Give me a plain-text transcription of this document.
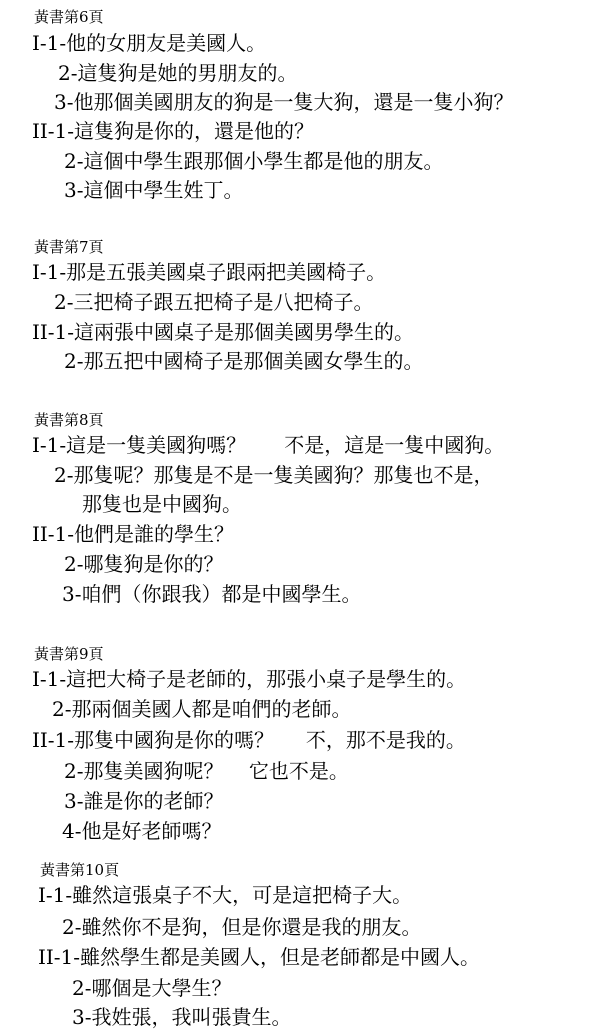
黃書第6頁
I-1-他的女朋友是美國人。
2-這隻狗是她的男朋友的。
3-他那個美國朋友的狗是一隻大狗，還是一隻小狗？
II-1-這隻狗是你的，還是他的？
2-這個中學生跟那個小學生都是他的朋友。
3-這個中學生姓丁。
黃書第7頁
I-1-那是五張美國桌子跟兩把美國椅子。
2-三把椅子跟五把椅子是八把椅子。
II-1-這兩張中國桌子是那個美國男學生的。
2-那五把中國椅子是那個美國女學生的。
黃書第8頁
I-1-這是一隻美國狗嗎？      不是，這是一隻中國狗。
2-那隻呢？那隻是不是一隻美國狗？那隻也不是，
那隻也是中國狗。
II-1-他們是誰的學生？
2-哪隻狗是你的？
3-咱們（你跟我）都是中國學生。
黃書第9頁
I-1-這把大椅子是老師的，那張小桌子是學生的。
2-那兩個美國人都是咱們的老師。
II-1-那隻中國狗是你的嗎？     不，那不是我的。
2-那隻美國狗呢？    它也不是。
3-誰是你的老師？
4-他是好老師嗎？
黃書第10頁
I-1-雖然這張桌子不大，可是這把椅子大。
2-雖然你不是狗，但是你還是我的朋友。
II-1-雖然學生都是美國人，但是老師都是中國人。
2-哪個是大學生？
3-我姓張，我叫張貴生。
